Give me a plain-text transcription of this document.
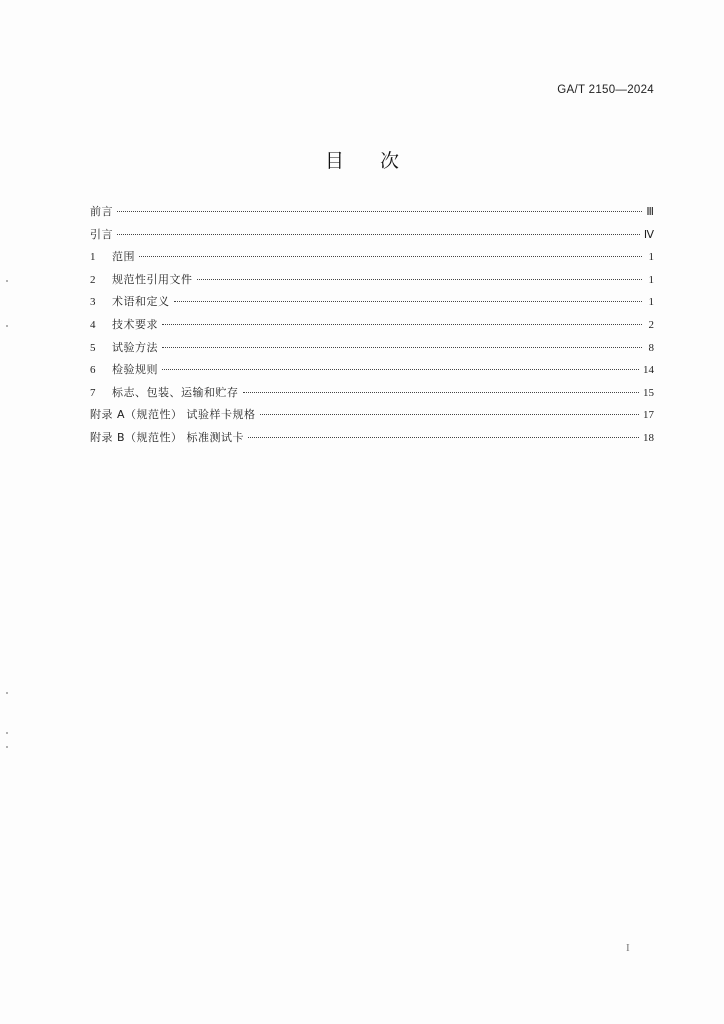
GA/T 2150—2024
目次
前言	Ⅲ
引言	Ⅳ
1	范围	1
2	规范性引用文件	1
3	术语和定义	1
4	技术要求	2
5	试验方法	8
6	检验规则	14
7	标志、包装、运输和贮存	15
附录 A（规范性） 试验样卡规格	17
附录 B（规范性） 标准测试卡	18
I
